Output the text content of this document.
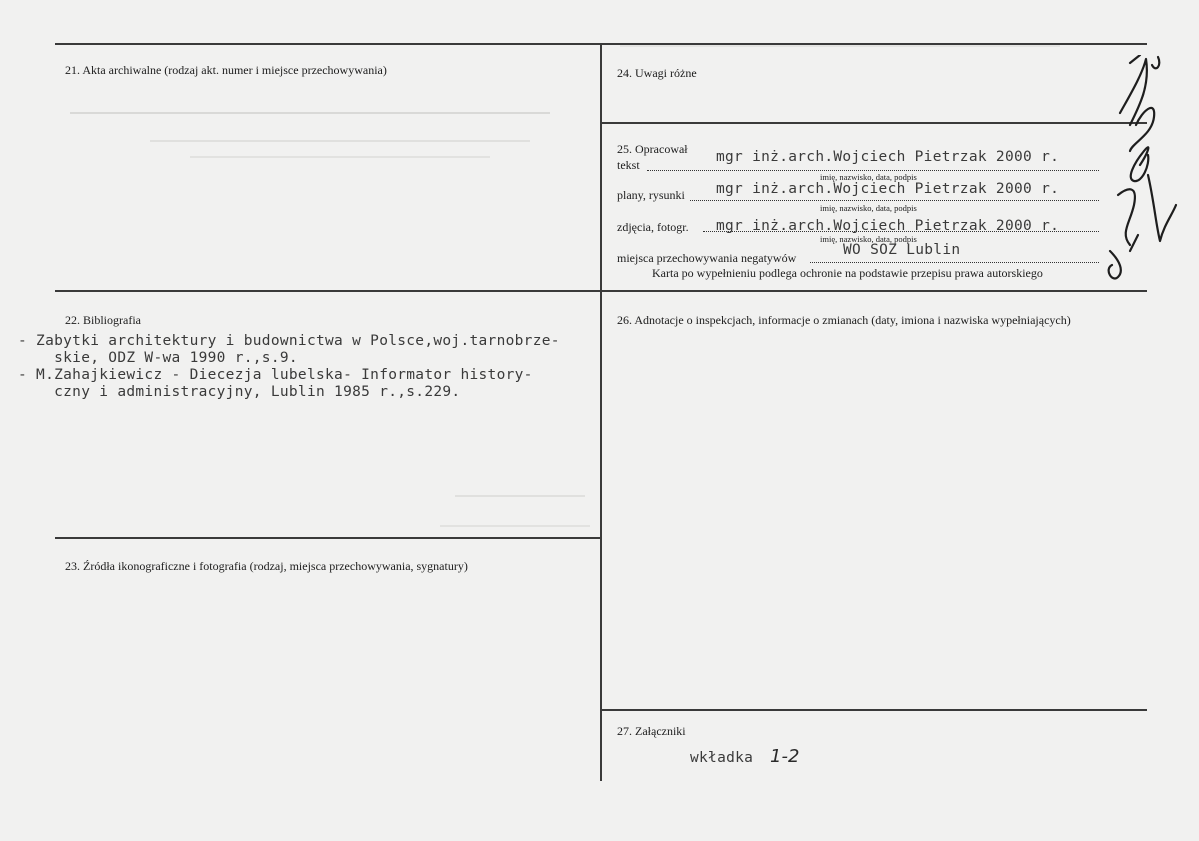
21. Akta archiwalne (rodzaj akt. numer i miejsce przechowywania)	24. Uwagi różne
25. Opracował
tekst	mgr inż.arch.Wojciech Pietrzak 2000 r.
imię, nazwisko, data, podpis
plany, rysunki mgr inż.arch.Wojciech Pietrzak 2000 r.
imię, nazwisko, data, podpis
zdjęcia, fotogr. mgr inż.arch.Wojciech Pietrzak 2000 r.
imię, nazwisko, data, podpis
miejsca przechowywania negatywów	WO SOZ Lublin
Karta po wypełnieniu podlega ochronie na podstawie przepisu prawa autorskiego
22. Bibliografia
- Zabytki architektury i budownictwa w Polsce,woj.tarnobrze-
skie, ODZ W-wa 1990 r.,s.9.
- M.Zahajkiewicz - Diecezja lubelska- Informator history-
czny i administracyjny, Lublin 1985 r.,s.229.
26. Adnotacje o inspekcjach, informacje o zmianach (daty, imiona i nazwiska wypełniających)
23. Źródła ikonograficzne i fotografia (rodzaj, miejsca przechowywania, sygnatury)
27. Załączniki
wkładka 1-2
